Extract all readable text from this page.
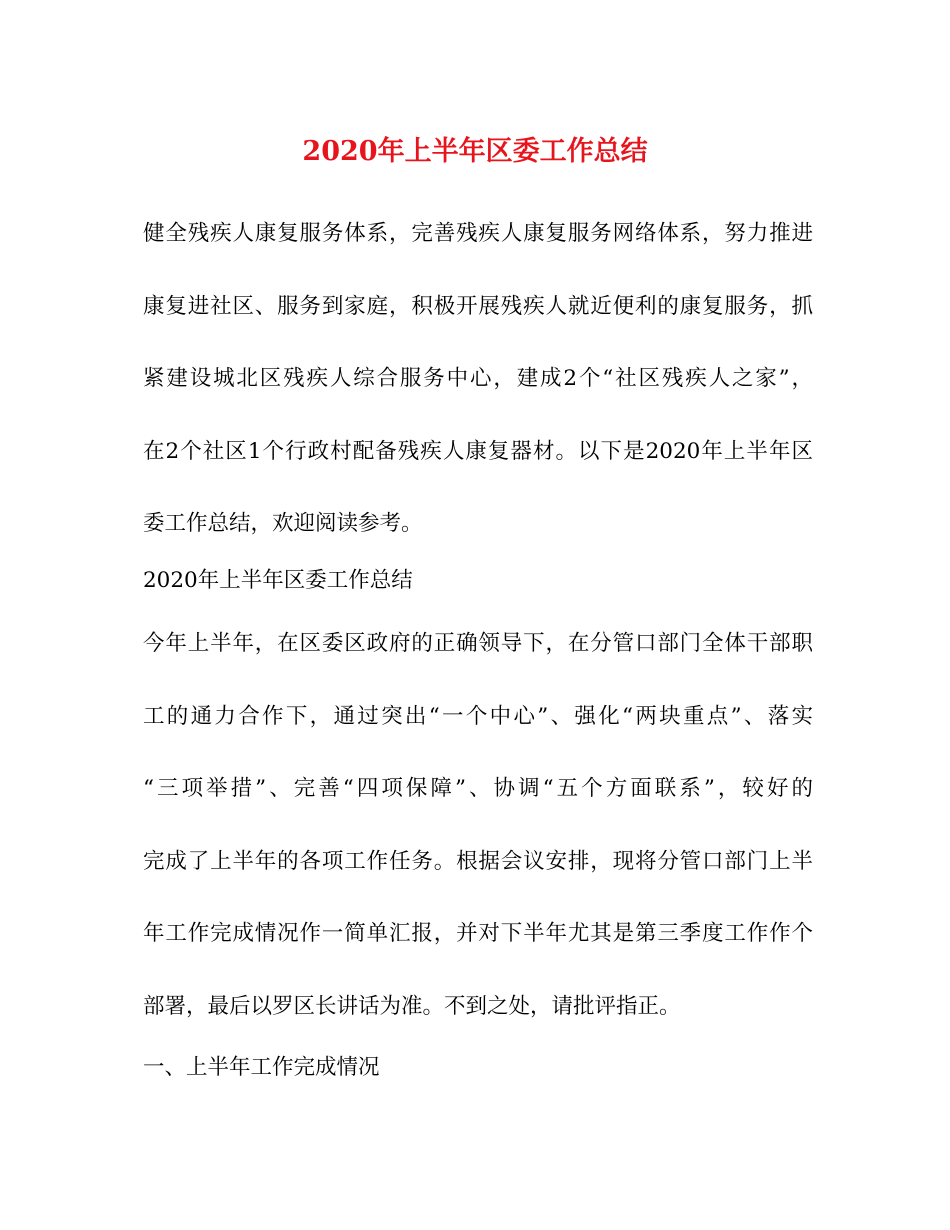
2020年上半年区委工作总结
健全残疾人康复服务体系，完善残疾人康复服务网络体系，努力推进
康复进社区、服务到家庭，积极开展残疾人就近便利的康复服务，抓
紧建设城北区残疾人综合服务中心，建成2个“社区残疾人之家”，
在2个社区1个行政村配备残疾人康复器材。以下是2020年上半年区
委工作总结，欢迎阅读参考。
2020年上半年区委工作总结
今年上半年，在区委区政府的正确领导下，在分管口部门全体干部职
工的通力合作下，通过突出“一个中心”、强化“两块重点”、落实
“三项举措”、完善“四项保障”、协调“五个方面联系”，较好的
完成了上半年的各项工作任务。根据会议安排，现将分管口部门上半
年工作完成情况作一简单汇报，并对下半年尤其是第三季度工作作个
部署，最后以罗区长讲话为准。不到之处，请批评指正。
一、上半年工作完成情况
